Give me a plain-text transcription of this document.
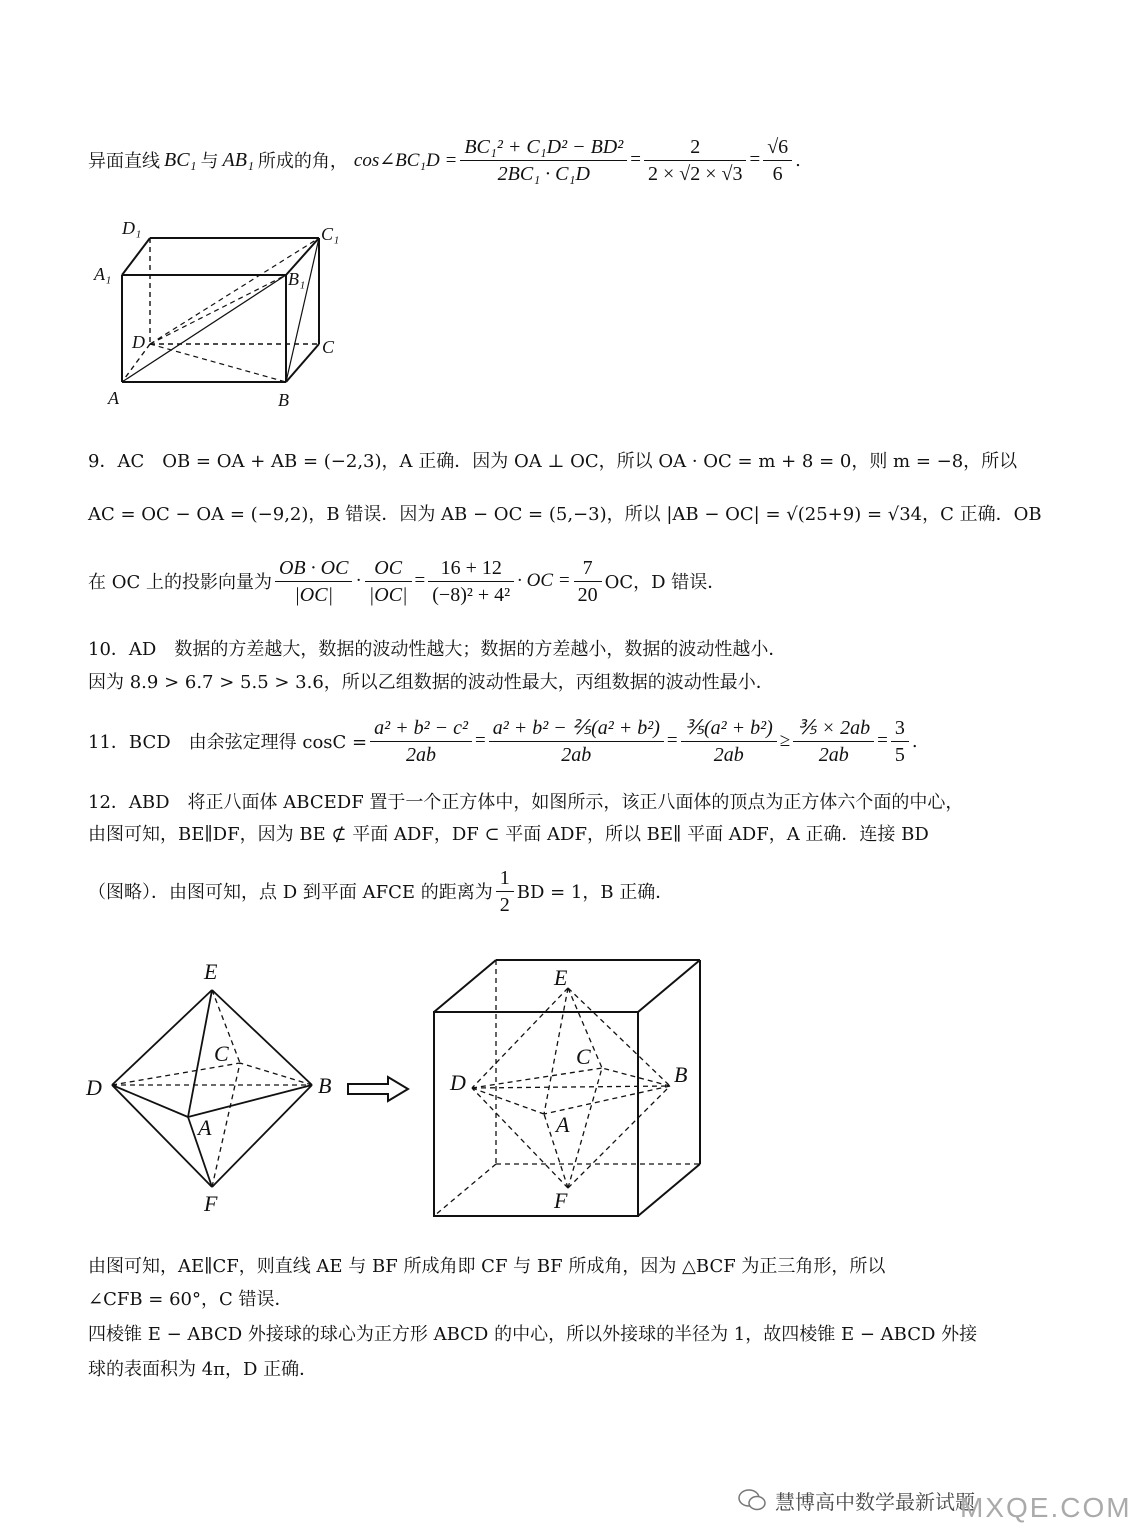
异面直线 BC₁ 与 AB₁ 所成的角， cos∠BC₁D = $\frac{\text{BC₁² + C₁D² − BD²}}{\text{2BC₁ · C₁D}} = \frac{2}{2 \times √2 \times √3} = \frac{√6}{6}$ .
D₁	C₁
A₁	B₁
D	C
A	B
9．AC　OB = OA + AB = (−2,3)，A 正确．因为 OA ⊥ OC，所以 OA · OC = m + 8 = 0，则 m = −8，所以
AC = OC − OA = (−9,2)，B 错误．因为 AB − OC = (5,−3)，所以 |AB − OC| = √(25+9) = √34，C 正确．OB
在 OC 上的投影向量为 $\frac{OB \cdot OC}{|OC|} \cdot \frac{OC}{|OC|} = \frac{16 + 12}{\text{(−8)² + 4²}}$ · OC = $\frac{7}{20}$ OC，D 错误．
10．AD　数据的方差越大，数据的波动性越大；数据的方差越小，数据的波动性越小．
因为 8.9 > 6.7 > 5.5 > 3.6，所以乙组数据的波动性最大，丙组数据的波动性最小．
11．BCD　由余弦定理得 $\cos C = \frac{\text{a² + b² − c²}}{2ab} = \frac{\text{a² + b² − ⅖(a² + b²)}}{2ab} = \frac{\text{⅗(a² + b²)}}{2ab} \ge \frac{\text{⅗ × 2ab}}{2ab} = \frac{3}{5}$ .
12．ABD　将正八面体 ABCEDF 置于一个正方体中，如图所示，该正八面体的顶点为正方体六个面的中心，
由图可知，BE∥DF，因为 BE ⊄ 平面 ADF，DF ⊂ 平面 ADF，所以 BE∥ 平面 ADF，A 正确．连接 BD
（图略）．由图可知，点 D 到平面 AFCE 的距离为 $\frac{1}{2}$ BD = 1，B 正确．
E
C
D	B
A
F
E
C
D	B
A
F
由图可知，AE∥CF，则直线 AE 与 BF 所成角即 CF 与 BF 所成角，因为 △BCF 为正三角形，所以
∠CFB = 60°，C 错误．
四棱锥 E − ABCD 外接球的球心为正方形 ABCD 的中心，所以外接球的半径为 1，故四棱锥 E − ABCD 外接
球的表面积为 4π，D 正确．
慧博高中数学最新试题
MXQE.COM
